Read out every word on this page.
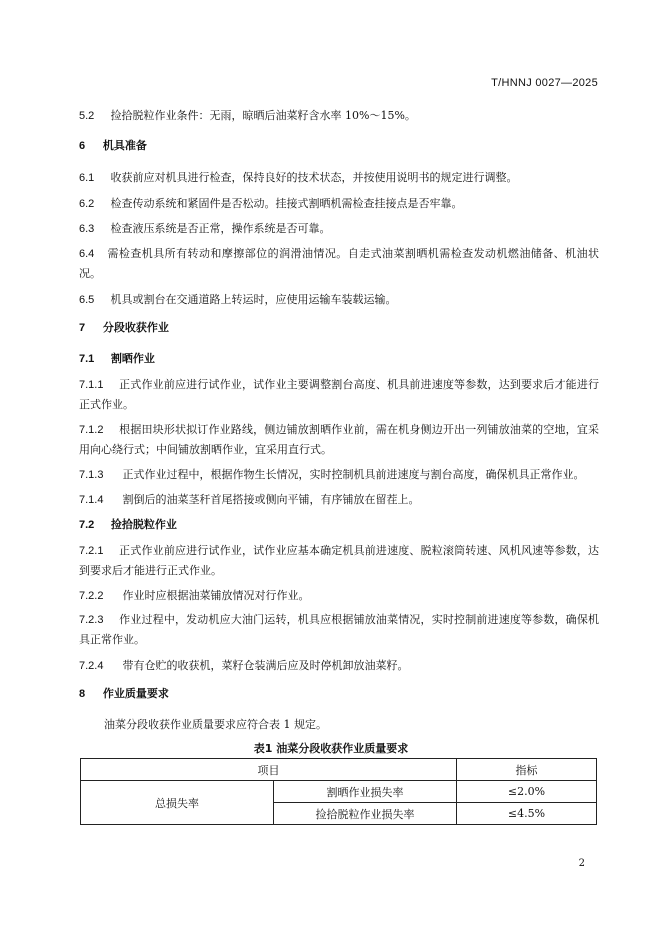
T/HNNJ 0027—2025
5.2 捡拾脱粒作业条件：无雨，晾晒后油菜籽含水率 10%～15%。
6 机具准备
6.1 收获前应对机具进行检查，保持良好的技术状态，并按使用说明书的规定进行调整。
6.2 检查传动系统和紧固件是否松动。挂接式割晒机需检查挂接点是否牢靠。
6.3 检查液压系统是否正常，操作系统是否可靠。
6.4 需检查机具所有转动和摩擦部位的润滑油情况。自走式油菜割晒机需检查发动机燃油储备、机油状况。
6.5 机具或割台在交通道路上转运时，应使用运输车装载运输。
7 分段收获作业
7.1 割晒作业
7.1.1 正式作业前应进行试作业，试作业主要调整割台高度、机具前进速度等参数，达到要求后才能进行正式作业。
7.1.2 根据田块形状拟订作业路线，侧边铺放割晒作业前，需在机身侧边开出一列铺放油菜的空地，宜采用向心绕行式；中间铺放割晒作业，宜采用直行式。
7.1.3 正式作业过程中，根据作物生长情况，实时控制机具前进速度与割台高度，确保机具正常作业。
7.1.4 割倒后的油菜茎秆首尾搭接或侧向平铺，有序铺放在留茬上。
7.2 捡拾脱粒作业
7.2.1 正式作业前应进行试作业，试作业应基本确定机具前进速度、脱粒滚筒转速、风机风速等参数，达到要求后才能进行正式作业。
7.2.2 作业时应根据油菜铺放情况对行作业。
7.2.3 作业过程中，发动机应大油门运转，机具应根据铺放油菜情况，实时控制前进速度等参数，确保机具正常作业。
7.2.4 带有仓贮的收获机，菜籽仓装满后应及时停机卸放油菜籽。
8 作业质量要求
油菜分段收获作业质量要求应符合表 1 规定。
表1 油菜分段收获作业质量要求
项目		指标
总损失率	割晒作业损失率	≤2.0%
	捡拾脱粒作业损失率	≤4.5%
2
